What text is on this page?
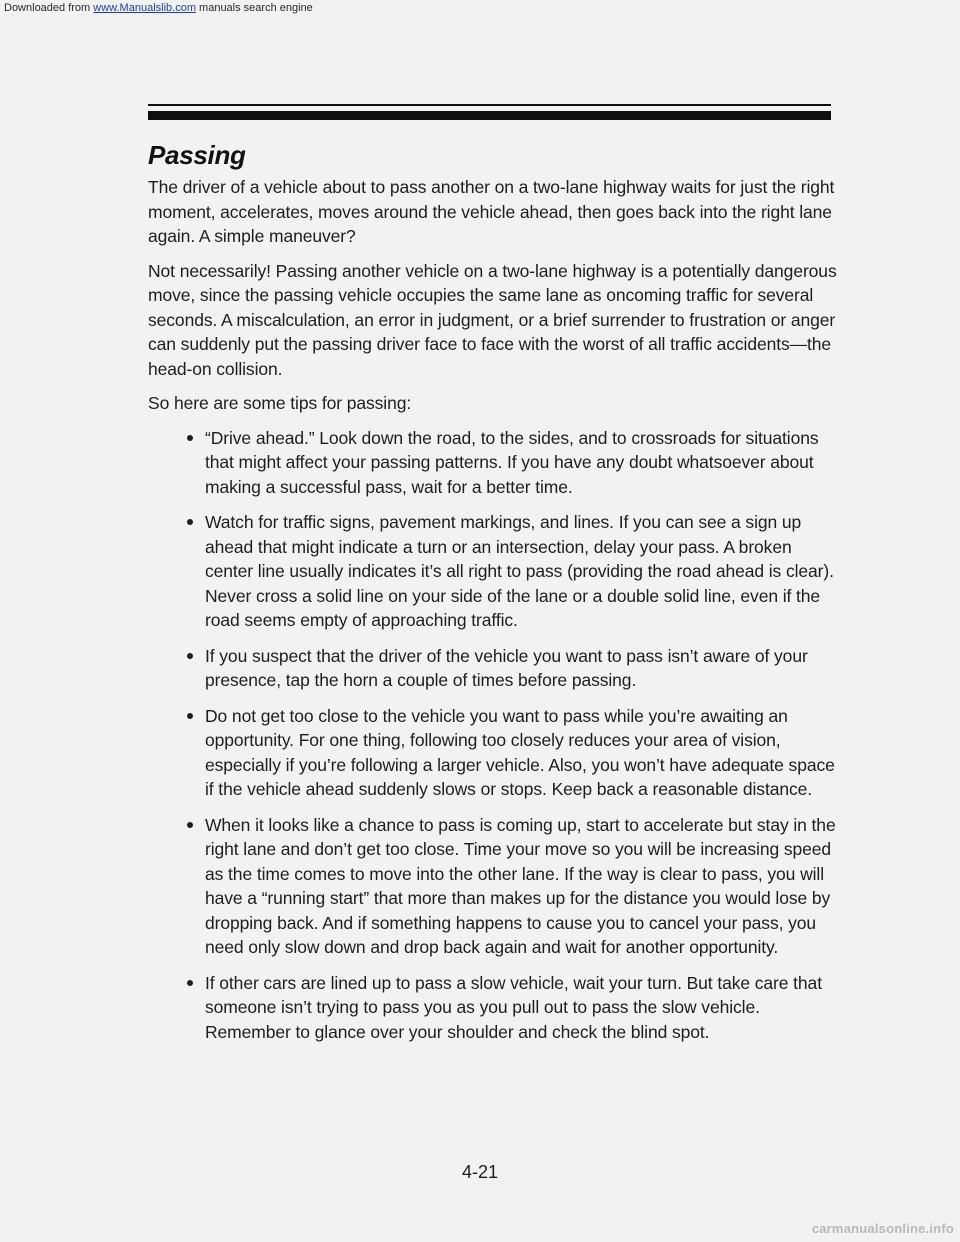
Downloaded from www.Manualslib.com manuals search engine
Passing

The driver of a vehicle about to pass another on a two-lane highway waits for just the right moment, accelerates, moves around the vehicle ahead, then goes back into the right lane again. A simple maneuver?

Not necessarily! Passing another vehicle on a two-lane highway is a potentially dangerous move, since the passing vehicle occupies the same lane as oncoming traffic for several seconds. A miscalculation, an error in judgment, or a brief surrender to frustration or anger can suddenly put the passing driver face to face with the worst of all traffic accidents—the head-on collision.

So here are some tips for passing:

“Drive ahead.” Look down the road, to the sides, and to crossroads for situations that might affect your passing patterns. If you have any doubt whatsoever about making a successful pass, wait for a better time.
Watch for traffic signs, pavement markings, and lines. If you can see a sign up ahead that might indicate a turn or an intersection, delay your pass. A broken center line usually indicates it’s all right to pass (providing the road ahead is clear). Never cross a solid line on your side of the lane or a double solid line, even if the road seems empty of approaching traffic.
If you suspect that the driver of the vehicle you want to pass isn’t aware of your presence, tap the horn a couple of times before passing.
Do not get too close to the vehicle you want to pass while you’re awaiting an opportunity. For one thing, following too closely reduces your area of vision, especially if you’re following a larger vehicle. Also, you won’t have adequate space if the vehicle ahead suddenly slows or stops. Keep back a reasonable distance.
When it looks like a chance to pass is coming up, start to accelerate but stay in the right lane and don’t get too close. Time your move so you will be increasing speed as the time comes to move into the other lane. If the way is clear to pass, you will have a “running start” that more than makes up for the distance you would lose by dropping back. And if something happens to cause you to cancel your pass, you need only slow down and drop back again and wait for another opportunity.
If other cars are lined up to pass a slow vehicle, wait your turn. But take care that someone isn’t trying to pass you as you pull out to pass the slow vehicle. Remember to glance over your shoulder and check the blind spot.
4-21
carmanualsonline.info
